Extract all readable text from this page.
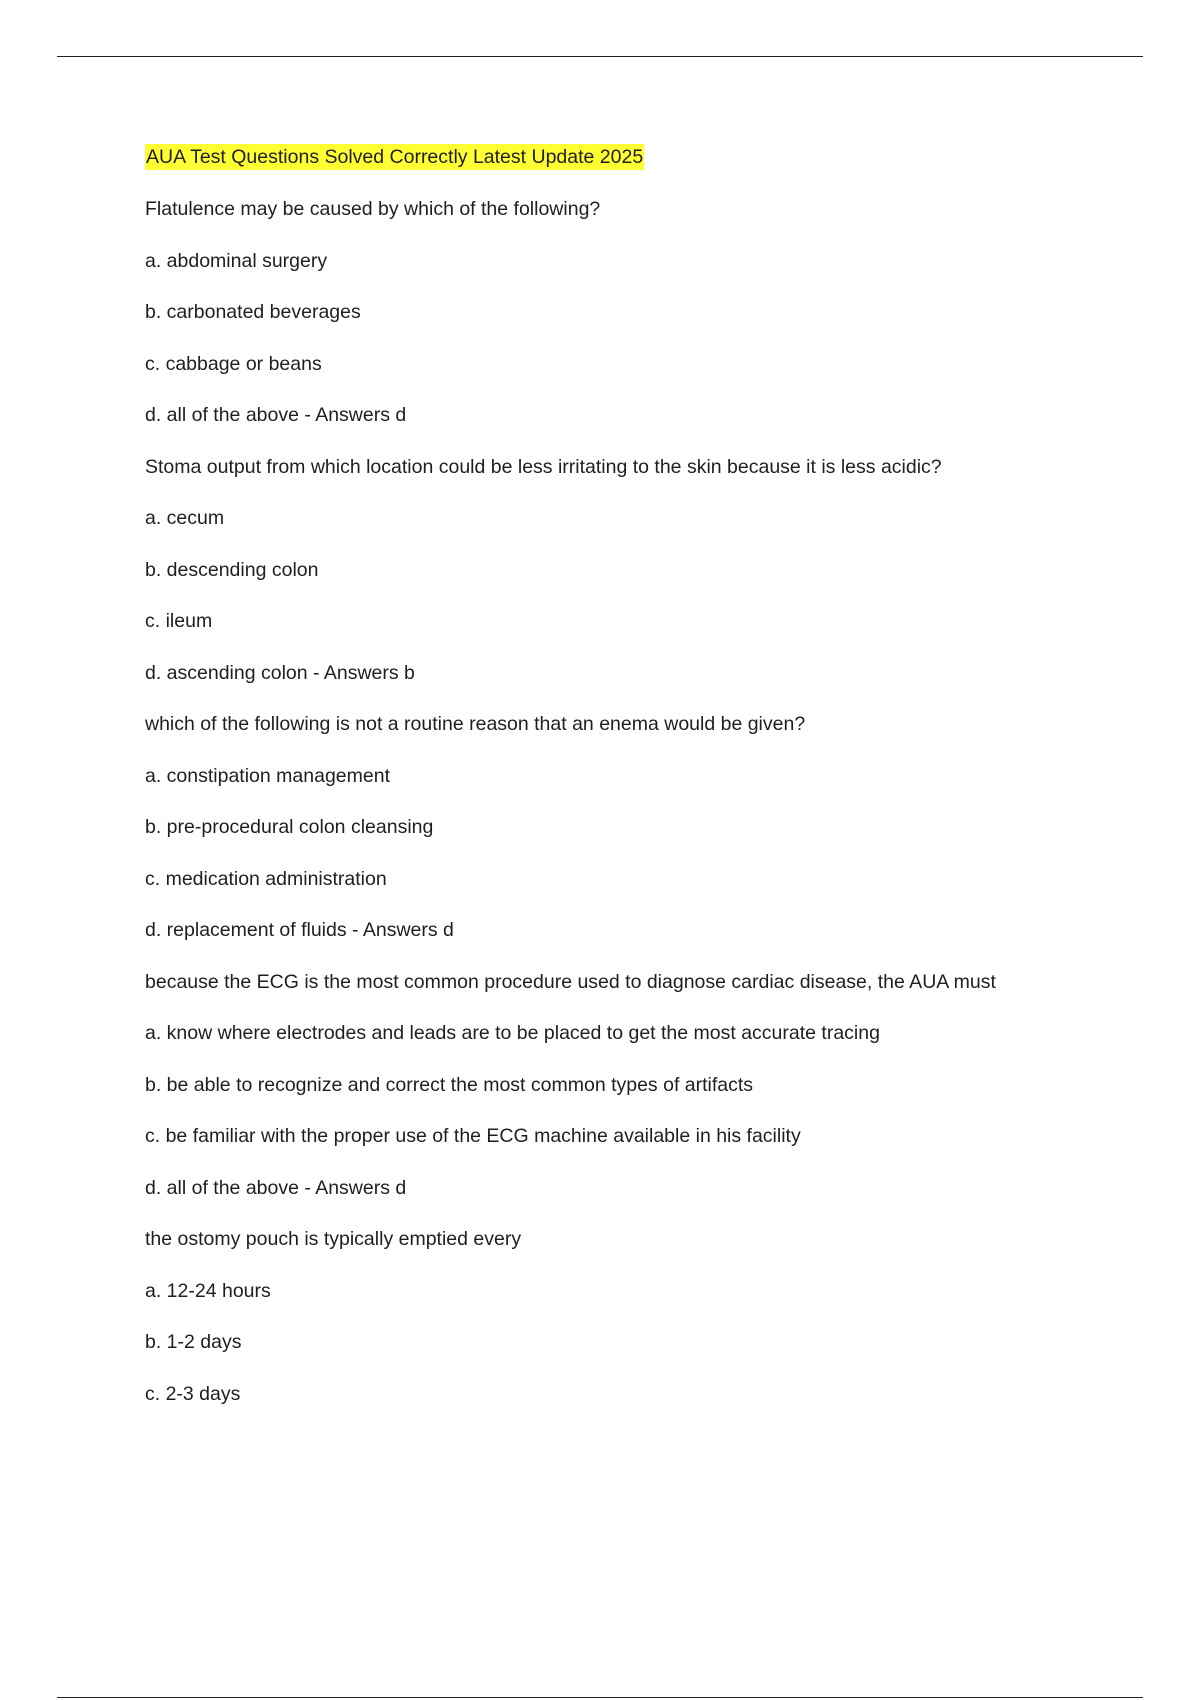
AUA Test Questions Solved Correctly Latest Update 2025
Flatulence may be caused by which of the following?
a. abdominal surgery
b. carbonated beverages
c. cabbage or beans
d. all of the above - Answers d
Stoma output from which location could be less irritating to the skin because it is less acidic?
a. cecum
b. descending colon
c. ileum
d. ascending colon - Answers b
which of the following is not a routine reason that an enema would be given?
a. constipation management
b. pre-procedural colon cleansing
c. medication administration
d. replacement of fluids - Answers d
because the ECG is the most common procedure used to diagnose cardiac disease, the AUA must
a. know where electrodes and leads are to be placed to get the most accurate tracing
b. be able to recognize and correct the most common types of artifacts
c. be familiar with the proper use of the ECG machine available in his facility
d. all of the above - Answers d
the ostomy pouch is typically emptied every
a. 12-24 hours
b. 1-2 days
c. 2-3 days
